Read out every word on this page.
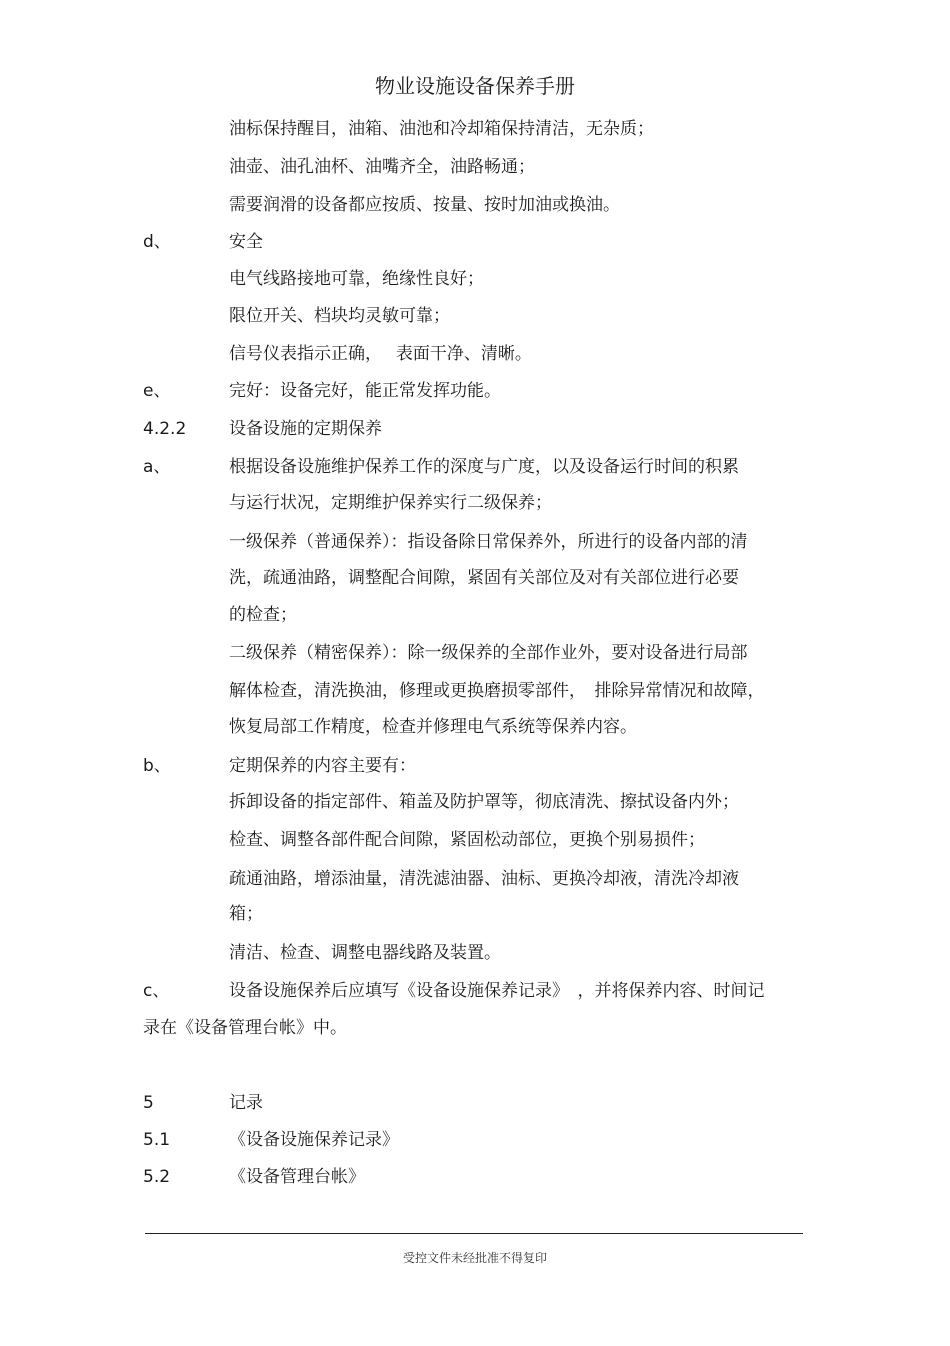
物业设施设备保养手册
油标保持醒目，油箱、油池和冷却箱保持清洁，无杂质；
油壶、油孔油杯、油嘴齐全，油路畅通；
需要润滑的设备都应按质、按量、按时加油或换油。
d、	安全
电气线路接地可靠，绝缘性良好；
限位开关、档块均灵敏可靠；
信号仪表指示正确，　 表面干净、清晰。
e、	完好：设备完好，能正常发挥功能。
4.2.2	设备设施的定期保养
a、	根据设备设施维护保养工作的深度与广度，以及设备运行时间的积累
与运行状况，定期维护保养实行二级保养；
一级保养（普通保养）：指设备除日常保养外，所进行的设备内部的清
洗，疏通油路，调整配合间隙，紧固有关部位及对有关部位进行必要
的检查；
二级保养（精密保养）：除一级保养的全部作业外，要对设备进行局部
解体检查，清洗换油，修理或更换磨损零部件，　排除异常情况和故障，
恢复局部工作精度，检查并修理电气系统等保养内容。
b、	定期保养的内容主要有：
拆卸设备的指定部件、箱盖及防护罩等，彻底清洗、擦拭设备内外；
检查、调整各部件配合间隙，紧固松动部位，更换个别易损件；
疏通油路，增添油量，清洗滤油器、油标、更换冷却液，清洗冷却液
箱；
清洁、检查、调整电器线路及装置。
c、	设备设施保养后应填写《设备设施保养记录》　，并将保养内容、时间记
录在《设备管理台帐》中。
5	记录
5.1	《设备设施保养记录》
5.2	《设备管理台帐》
受控文件未经批准不得复印
